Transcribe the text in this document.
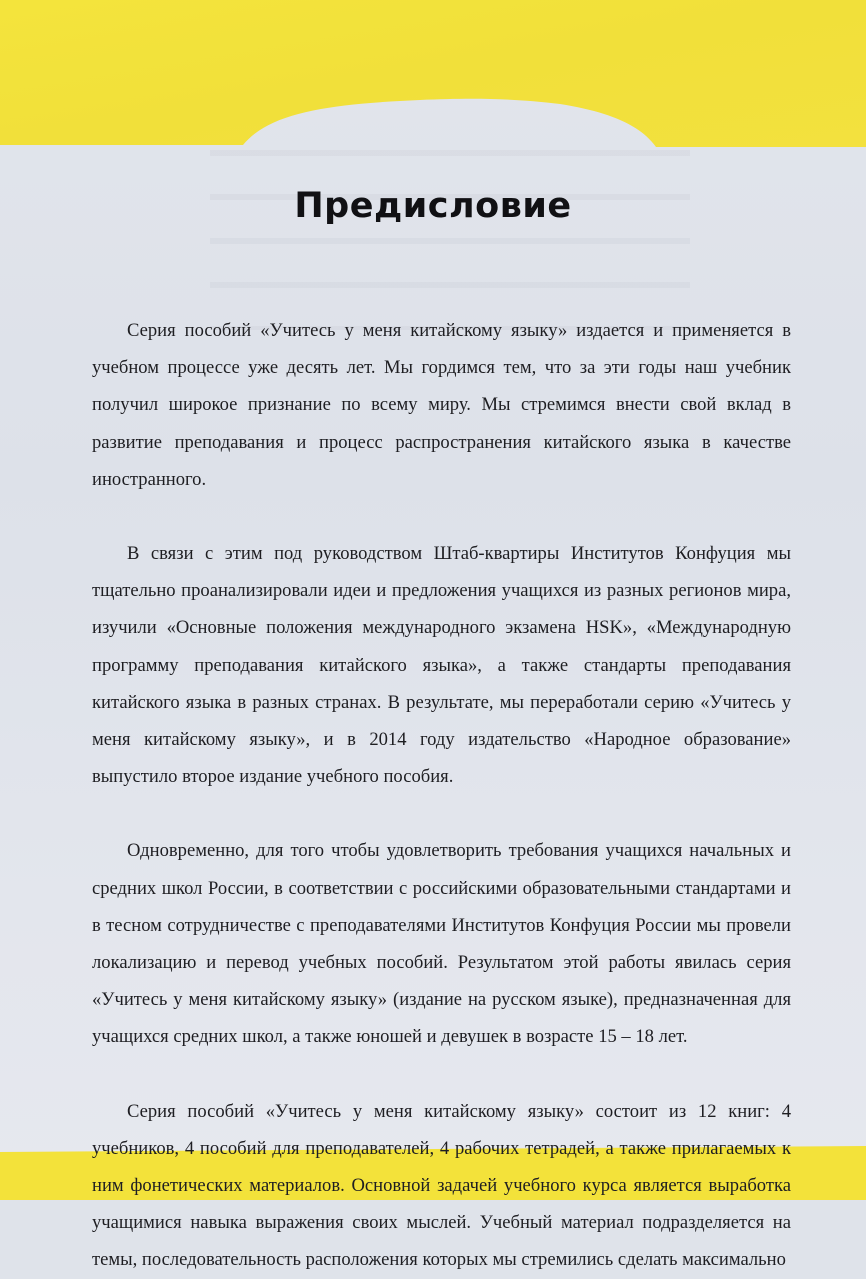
Предисловие

Серия пособий «Учитесь у меня китайскому языку» издается и применяется в учебном процессе уже десять лет. Мы гордимся тем, что за эти годы наш учебник получил широкое признание по всему миру. Мы стремимся внести свой вклад в развитие преподавания и процесс распространения китайского языка в качестве иностранного.

В связи с этим под руководством Штаб-квартиры Институтов Конфуция мы тщательно проанализировали идеи и предложения учащихся из разных регионов мира, изучили «Основные положения международного экзамена HSK», «Международную программу преподавания китайского языка», а также стандарты преподавания китайского языка в разных странах. В результате, мы переработали серию «Учитесь у меня китайскому языку», и в 2014 году издательство «Народное образование» выпустило второе издание учебного пособия.

Одновременно, для того чтобы удовлетворить требования учащихся начальных и средних школ России, в соответствии с российскими образовательными стандартами и в тесном сотрудничестве с преподавателями Институтов Конфуция России мы провели локализацию и перевод учебных пособий. Результатом этой работы явилась серия «Учитесь у меня китайскому языку» (издание на русском языке), предназначенная для учащихся средних школ, а также юношей и девушек в возрасте 15 – 18 лет.

Серия пособий «Учитесь у меня китайскому языку» состоит из 12 книг: 4 учебников, 4 пособий для преподавателей, 4 рабочих тетрадей, а также прилагаемых к ним фонетических материалов. Основной задачей учебного курса является выработка учащимися навыка выражения своих мыслей. Учебный материал подразделяется на темы, последовательность расположения которых мы стремились сделать максимально
